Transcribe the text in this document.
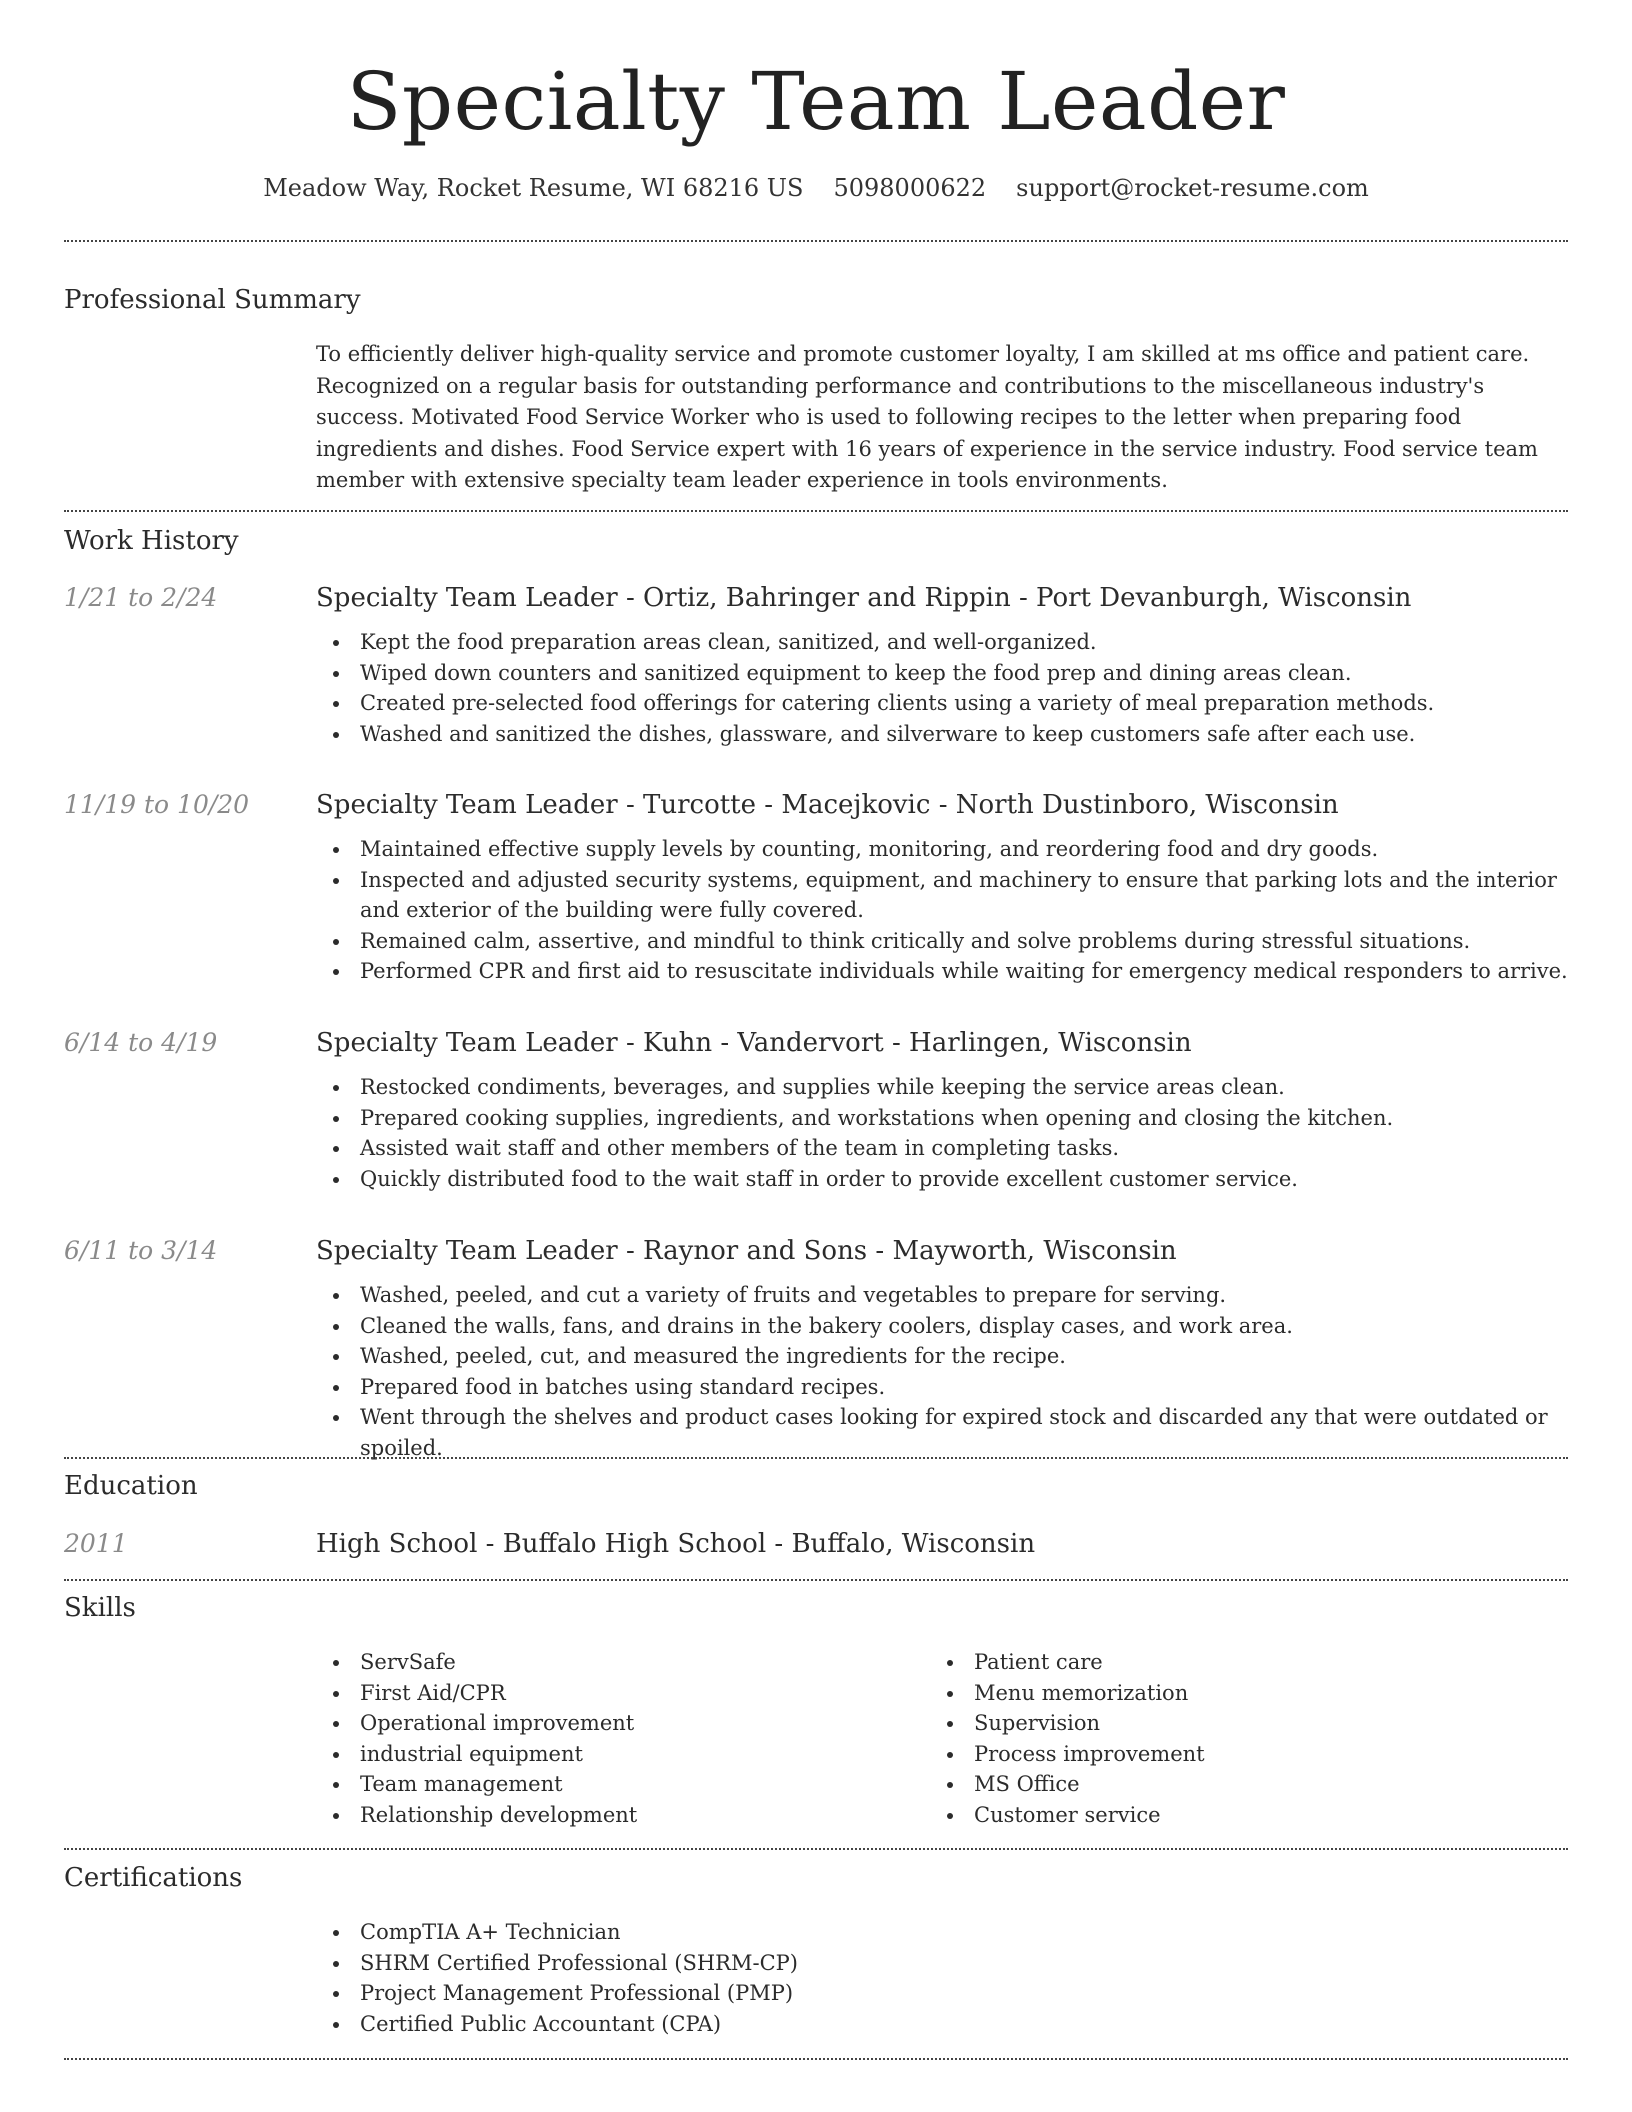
Specialty Team Leader
Meadow Way, Rocket Resume, WI 68216 US 5098000622 support@rocket-resume.com
Professional Summary

To efficiently deliver high-quality service and promote customer loyalty, I am skilled at ms office and patient care. Recognized on a regular basis for outstanding performance and contributions to the miscellaneous industry's success. Motivated Food Service Worker who is used to following recipes to the letter when preparing food ingredients and dishes. Food Service expert with 16 years of experience in the service industry. Food service team member with extensive specialty team leader experience in tools environments.

Work History
1/21 to 2/24	Specialty Team Leader - Ortiz, Bahringer and Rippin - Port Devanburgh, Wisconsin
Kept the food preparation areas clean, sanitized, and well-organized.
Wiped down counters and sanitized equipment to keep the food prep and dining areas clean.
Created pre-selected food offerings for catering clients using a variety of meal preparation methods.
Washed and sanitized the dishes, glassware, and silverware to keep customers safe after each use.
11/19 to 10/20	Specialty Team Leader - Turcotte - Macejkovic - North Dustinboro, Wisconsin
Maintained effective supply levels by counting, monitoring, and reordering food and dry goods.
Inspected and adjusted security systems, equipment, and machinery to ensure that parking lots and the interior and exterior of the building were fully covered.
Remained calm, assertive, and mindful to think critically and solve problems during stressful situations.
Performed CPR and first aid to resuscitate individuals while waiting for emergency medical responders to arrive.
6/14 to 4/19	Specialty Team Leader - Kuhn - Vandervort - Harlingen, Wisconsin
Restocked condiments, beverages, and supplies while keeping the service areas clean.
Prepared cooking supplies, ingredients, and workstations when opening and closing the kitchen.
Assisted wait staff and other members of the team in completing tasks.
Quickly distributed food to the wait staff in order to provide excellent customer service.
6/11 to 3/14	Specialty Team Leader - Raynor and Sons - Mayworth, Wisconsin
Washed, peeled, and cut a variety of fruits and vegetables to prepare for serving.
Cleaned the walls, fans, and drains in the bakery coolers, display cases, and work area.
Washed, peeled, cut, and measured the ingredients for the recipe.
Prepared food in batches using standard recipes.
Went through the shelves and product cases looking for expired stock and discarded any that were outdated or spoiled.
Education
2011	High School - Buffalo High School - Buffalo, Wisconsin
Skills
ServSafe
First Aid/CPR
Operational improvement
industrial equipment
Team management
Relationship development
Patient care
Menu memorization
Supervision
Process improvement
MS Office
Customer service
Certifications
CompTIA A+ Technician
SHRM Certified Professional (SHRM-CP)
Project Management Professional (PMP)
Certified Public Accountant (CPA)
